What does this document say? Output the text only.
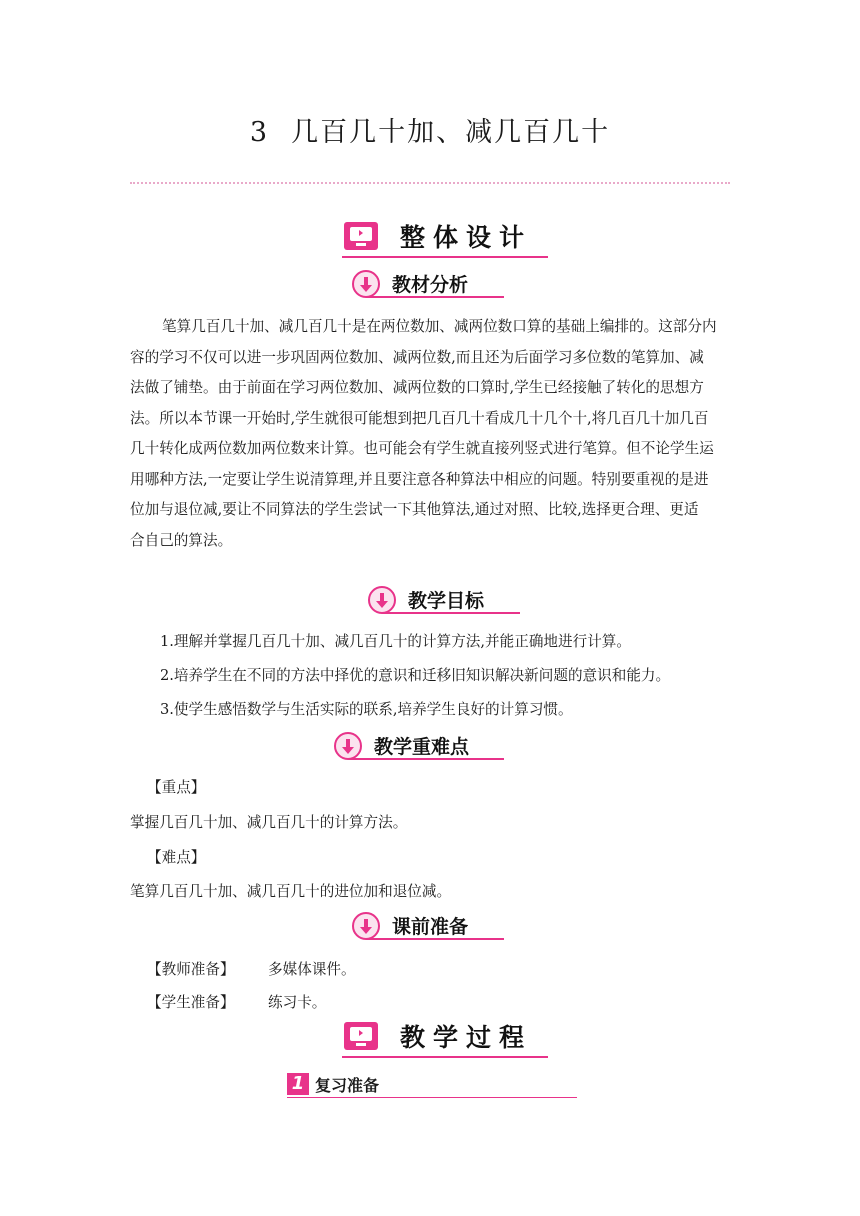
3 几百几十加、减几百几十
整体设计
教材分析
笔算几百几十加、减几百几十是在两位数加、减两位数口算的基础上编排的。这部分内
容的学习不仅可以进一步巩固两位数加、减两位数,而且还为后面学习多位数的笔算加、减
法做了铺垫。由于前面在学习两位数加、减两位数的口算时,学生已经接触了转化的思想方
法。所以本节课一开始时,学生就很可能想到把几百几十看成几十几个十,将几百几十加几百
几十转化成两位数加两位数来计算。也可能会有学生就直接列竖式进行笔算。但不论学生运
用哪种方法,一定要让学生说清算理,并且要注意各种算法中相应的问题。特别要重视的是进
位加与退位减,要让不同算法的学生尝试一下其他算法,通过对照、比较,选择更合理、更适
合自己的算法。
教学目标
1.理解并掌握几百几十加、减几百几十的计算方法,并能正确地进行计算。
2.培养学生在不同的方法中择优的意识和迁移旧知识解决新问题的意识和能力。
3.使学生感悟数学与生活实际的联系,培养学生良好的计算习惯。
教学重难点
【重点】
掌握几百几十加、减几百几十的计算方法。
【难点】
笔算几百几十加、减几百几十的进位加和退位减。
课前准备
【教师准备】 多媒体课件。
【学生准备】 练习卡。
教学过程
1 复习准备
